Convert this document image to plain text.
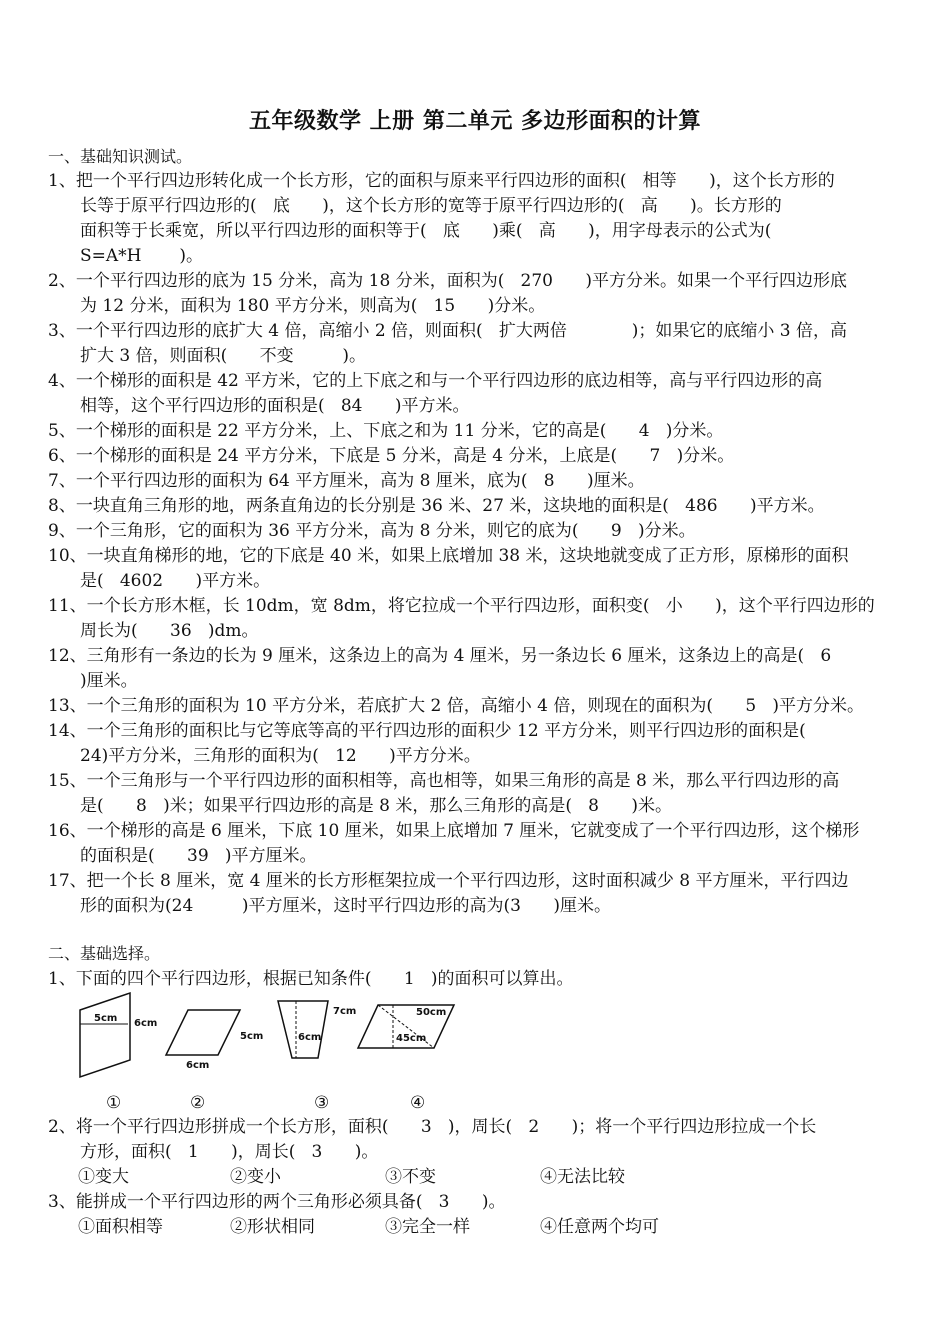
五年级数学 上册 第二单元 多边形面积的计算
一、基础知识测试。
1、把一个平行四边形转化成一个长方形，它的面积与原来平行四边形的面积(   相等      )，这个长方形的
长等于原平行四边形的(   底      )，这个长方形的宽等于原平行四边形的(   高      )。长方形的
面积等于长乘宽，所以平行四边形的面积等于(   底      )乘(   高      )，用字母表示的公式为(
S=A*H       )。
2、一个平行四边形的底为 15 分米，高为 18 分米，面积为(   270      )平方分米。如果一个平行四边形底
为 12 分米，面积为 180 平方分米，则高为(   15      )分米。
3、一个平行四边形的底扩大 4 倍，高缩小 2 倍，则面积(   扩大两倍            )；如果它的底缩小 3 倍，高
扩大 3 倍，则面积(      不变         )。
4、一个梯形的面积是 42 平方米，它的上下底之和与一个平行四边形的底边相等，高与平行四边形的高
相等，这个平行四边形的面积是(   84      )平方米。
5、一个梯形的面积是 22 平方分米，上、下底之和为 11 分米，它的高是(      4   )分米。
6、一个梯形的面积是 24 平方分米，下底是 5 分米，高是 4 分米，上底是(      7   )分米。
7、一个平行四边形的面积为 64 平方厘米，高为 8 厘米，底为(   8      )厘米。
8、一块直角三角形的地，两条直角边的长分别是 36 米、27 米，这块地的面积是(   486      )平方米。
9、一个三角形，它的面积为 36 平方分米，高为 8 分米，则它的底为(      9   )分米。
10、一块直角梯形的地，它的下底是 40 米，如果上底增加 38 米，这块地就变成了正方形，原梯形的面积
是(   4602      )平方米。
11、一个长方形木框，长 10dm，宽 8dm，将它拉成一个平行四边形，面积变(   小      )，这个平行四边形的
周长为(      36   )dm。
12、三角形有一条边的长为 9 厘米，这条边上的高为 4 厘米，另一条边长 6 厘米，这条边上的高是(   6
)厘米。
13、一个三角形的面积为 10 平方分米，若底扩大 2 倍，高缩小 4 倍，则现在的面积为(      5   )平方分米。
14、一个三角形的面积比与它等底等高的平行四边形的面积少 12 平方分米，则平行四边形的面积是(
24)平方分米，三角形的面积为(   12      )平方分米。
15、一个三角形与一个平行四边形的面积相等，高也相等，如果三角形的高是 8 米，那么平行四边形的高
是(      8   )米；如果平行四边形的高是 8 米，那么三角形的高是(   8      )米。
16、一个梯形的高是 6 厘米，下底 10 厘米，如果上底增加 7 厘米，它就变成了一个平行四边形，这个梯形
的面积是(      39   )平方厘米。
17、把一个长 8 厘米，宽 4 厘米的长方形框架拉成一个平行四边形，这时面积减少 8 平方厘米，平行四边
形的面积为(24         )平方厘米，这时平行四边形的高为(3      )厘米。
二、基础选择。
1、下面的四个平行四边形，根据已知条件(      1   )的面积可以算出。
5cm 6cm
5cm
6cm
7cm
6cm
50cm
45cm
①	②	③	④
2、将一个平行四边形拼成一个长方形，面积(      3   )，周长(   2      )；将一个平行四边形拉成一个长
方形，面积(   1      )，周长(   3      )。
①变大	②变小	③不变	④无法比较
3、能拼成一个平行四边形的两个三角形必须具备(   3      )。
①面积相等	②形状相同	③完全一样	④任意两个均可
